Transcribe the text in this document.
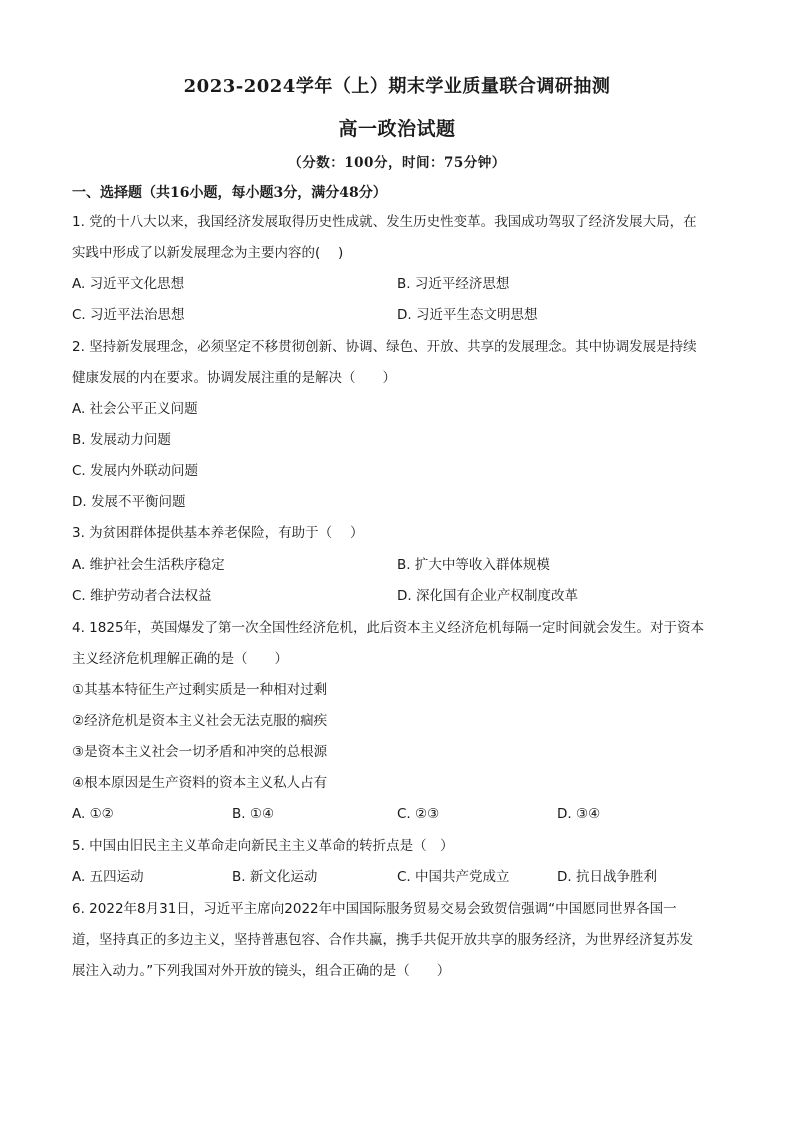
2023-2024学年（上）期末学业质量联合调研抽测
高一政治试题
（分数：100分，时间：75分钟）
一、选择题（共16小题，每小题3分，满分48分）
1. 党的十八大以来，我国经济发展取得历史性成就、发生历史性变革。我国成功驾驭了经济发展大局，在
实践中形成了以新发展理念为主要内容的(　 )
A. 习近平文化思想	B. 习近平经济思想
C. 习近平法治思想	D. 习近平生态文明思想
2. 坚持新发展理念，必须坚定不移贯彻创新、协调、绿色、开放、共享的发展理念。其中协调发展是持续
健康发展的内在要求。协调发展注重的是解决（　　）
A. 社会公平正义问题
B. 发展动力问题
C. 发展内外联动问题
D. 发展不平衡问题
3. 为贫困群体提供基本养老保险，有助于（　 ）
A. 维护社会生活秩序稳定	B. 扩大中等收入群体规模
C. 维护劳动者合法权益	D. 深化国有企业产权制度改革
4. 1825年，英国爆发了第一次全国性经济危机，此后资本主义经济危机每隔一定时间就会发生。对于资本
主义经济危机理解正确的是（　　）
①其基本特征生产过剩实质是一种相对过剩
②经济危机是资本主义社会无法克服的痼疾
③是资本主义社会一切矛盾和冲突的总根源
④根本原因是生产资料的资本主义私人占有
A. ①②	B. ①④	C. ②③	D. ③④
5. 中国由旧民主主义革命走向新民主主义革命的转折点是（　）
A. 五四运动	B. 新文化运动	C. 中国共产党成立	D. 抗日战争胜利
6. 2022年8月31日，习近平主席向2022年中国国际服务贸易交易会致贺信强调“中国愿同世界各国一
道，坚持真正的多边主义，坚持普惠包容、合作共赢，携手共促开放共享的服务经济，为世界经济复苏发
展注入动力。”下列我国对外开放的镜头，组合正确的是（　　）
